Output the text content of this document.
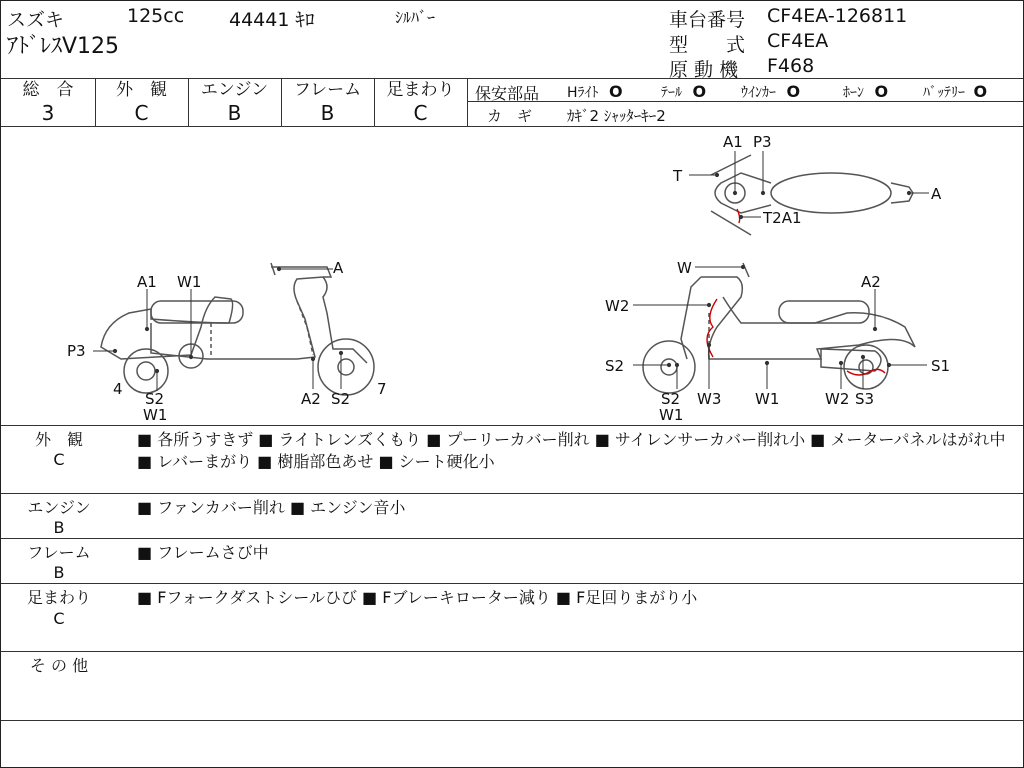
スズキ	125cc 44441 ｷﾛ	ｼﾙﾊﾞｰ
ｱﾄﾞﾚｽV125
車台番号 CF4EA-126811
型　　式 CF4EA
原 動 機 F468
総　合
3
外　観
C
エンジン
B
フレーム
B
足まわり
C
保安部品 Hﾗｲﾄ O	ﾃｰﾙ O ｳｲﾝｶｰ O	ﾎｰﾝ O ﾊﾞｯﾃﾘｰ O
カ　ギ ｶｷﾞ2 ｼｬｯﾀｰｷｰ2
A1 W1
A
P3
4
S2
W1
A2 S2
7
A1 P3
T
A
T2A1
W
A2
W2
S2	S1
S2
W1
W3 W1	W2 S3
外　観
C
■ 各所うすきず ■ ライトレンズくもり ■ プーリーカバー削れ ■ サイレンサーカバー削れ小 ■ メーターパネルはがれ中 ■ レバーまがり ■ 樹脂部色あせ ■ シート硬化小
エンジン
B
■ ファンカバー削れ ■ エンジン音小
フレーム
B
■ フレームさび中
足まわり
C
■ Fフォークダストシールひび ■ Fブレーキローター減り ■ F足回りまがり小
そ の 他
